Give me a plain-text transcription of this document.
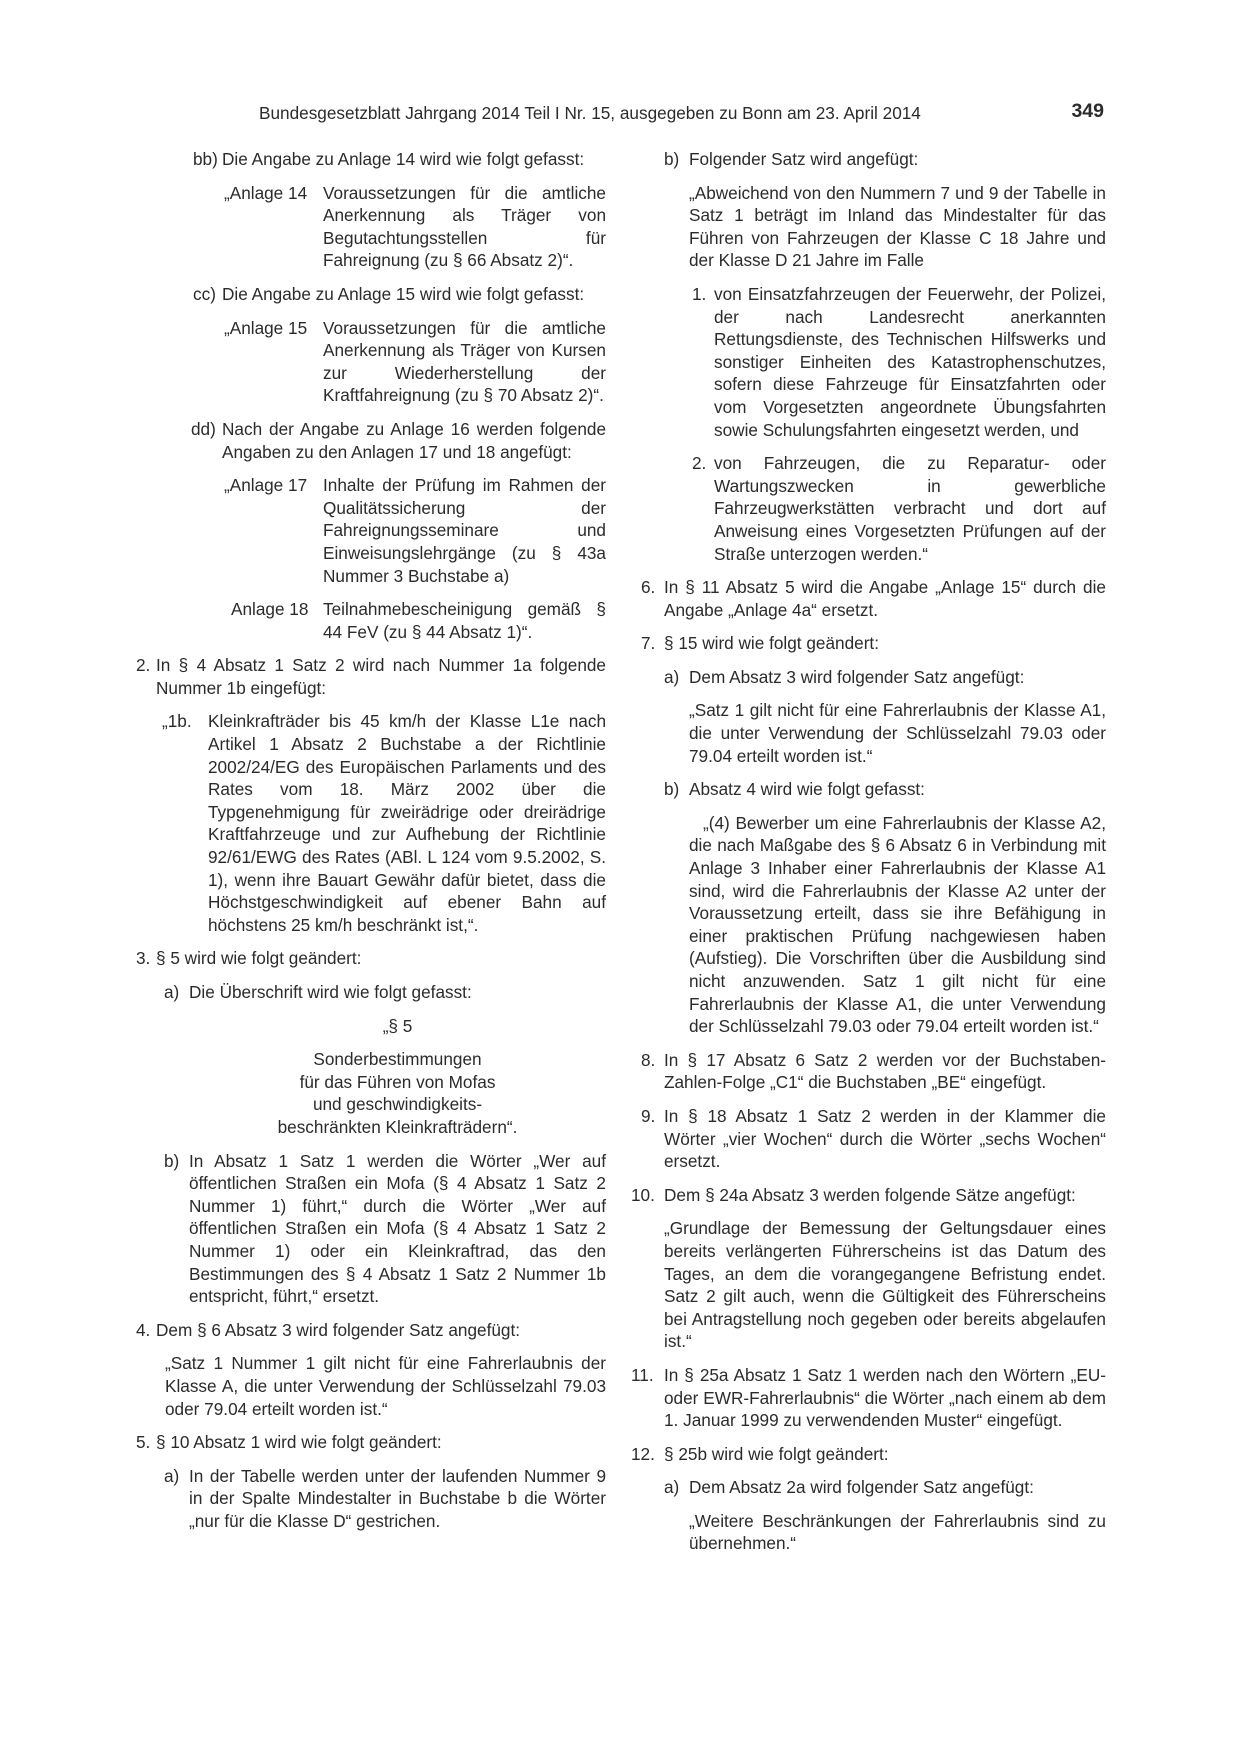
Bundesgesetzblatt Jahrgang 2014 Teil I Nr. 15, ausgegeben zu Bonn am 23. April 2014	349
bb) Die Angabe zu Anlage 14 wird wie folgt gefasst:

„Anlage 14 Voraussetzungen für die amtliche Anerkennung als Träger von Begutachtungsstellen für Fahreignung (zu § 66 Absatz 2)“.
cc) Die Angabe zu Anlage 15 wird wie folgt gefasst:

„Anlage 15 Voraussetzungen für die amtliche Anerkennung als Träger von Kursen zur Wiederherstellung der Kraftfahreignung (zu § 70 Absatz 2)“.
dd) Nach der Angabe zu Anlage 16 werden folgende Angaben zu den Anlagen 17 und 18 angefügt:

„Anlage 17 Inhalte der Prüfung im Rahmen der Qualitätssicherung der Fahreignungsseminare und Einweisungslehrgänge (zu § 43a Nummer 3 Buchstabe a)
Anlage 18 Teilnahmebescheinigung gemäß § 44 FeV (zu § 44 Absatz 1)“.
2. In § 4 Absatz 1 Satz 2 wird nach Nummer 1a folgende Nummer 1b eingefügt:

„1b. Kleinkrafträder bis 45 km/h der Klasse L1e nach Artikel 1 Absatz 2 Buchstabe a der Richtlinie 2002/24/EG des Europäischen Parlaments und des Rates vom 18. März 2002 über die Typgenehmigung für zweirädrige oder dreirädrige Kraftfahrzeuge und zur Aufhebung der Richtlinie 92/61/EWG des Rates (ABl. L 124 vom 9.5.2002, S. 1), wenn ihre Bauart Gewähr dafür bietet, dass die Höchstgeschwindigkeit auf ebener Bahn auf höchstens 25 km/h beschränkt ist,“.

3. § 5 wird wie folgt geändert:

a) Die Überschrift wird wie folgt gefasst:

„§ 5

Sonderbestimmungen

für das Führen von Mofas

und geschwindigkeits-

beschränkten Kleinkrafträdern“.

b) In Absatz 1 Satz 1 werden die Wörter „Wer auf öffentlichen Straßen ein Mofa (§ 4 Absatz 1 Satz 2 Nummer 1) führt,“ durch die Wörter „Wer auf öffentlichen Straßen ein Mofa (§ 4 Absatz 1 Satz 2 Nummer 1) oder ein Kleinkraftrad, das den Bestimmungen des § 4 Absatz 1 Satz 2 Nummer 1b entspricht, führt,“ ersetzt.

4. Dem § 6 Absatz 3 wird folgender Satz angefügt:

„Satz 1 Nummer 1 gilt nicht für eine Fahrerlaubnis der Klasse A, die unter Verwendung der Schlüsselzahl 79.03 oder 79.04 erteilt worden ist.“

5. § 10 Absatz 1 wird wie folgt geändert:

a) In der Tabelle werden unter der laufenden Nummer 9 in der Spalte Mindestalter in Buchstabe b die Wörter „nur für die Klasse D“ gestrichen.

b) Folgender Satz wird angefügt:

„Abweichend von den Nummern 7 und 9 der Tabelle in Satz 1 beträgt im Inland das Mindestalter für das Führen von Fahrzeugen der Klasse C 18 Jahre und der Klasse D 21 Jahre im Falle

1. von Einsatzfahrzeugen der Feuerwehr, der Polizei, der nach Landesrecht anerkannten Rettungsdienste, des Technischen Hilfswerks und sonstiger Einheiten des Katastrophenschutzes, sofern diese Fahrzeuge für Einsatzfahrten oder vom Vorgesetzten angeordnete Übungsfahrten sowie Schulungsfahrten eingesetzt werden, und

2. von Fahrzeugen, die zu Reparatur- oder Wartungszwecken in gewerbliche Fahrzeugwerkstätten verbracht und dort auf Anweisung eines Vorgesetzten Prüfungen auf der Straße unterzogen werden.“

6. In § 11 Absatz 5 wird die Angabe „Anlage 15“ durch die Angabe „Anlage 4a“ ersetzt.

7. § 15 wird wie folgt geändert:

a) Dem Absatz 3 wird folgender Satz angefügt:

„Satz 1 gilt nicht für eine Fahrerlaubnis der Klasse A1, die unter Verwendung der Schlüsselzahl 79.03 oder 79.04 erteilt worden ist.“

b) Absatz 4 wird wie folgt gefasst:

„(4) Bewerber um eine Fahrerlaubnis der Klasse A2, die nach Maßgabe des § 6 Absatz 6 in Verbindung mit Anlage 3 Inhaber einer Fahrerlaubnis der Klasse A1 sind, wird die Fahrerlaubnis der Klasse A2 unter der Voraussetzung erteilt, dass sie ihre Befähigung in einer praktischen Prüfung nachgewiesen haben (Aufstieg). Die Vorschriften über die Ausbildung sind nicht anzuwenden. Satz 1 gilt nicht für eine Fahrerlaubnis der Klasse A1, die unter Verwendung der Schlüsselzahl 79.03 oder 79.04 erteilt worden ist.“

8. In § 17 Absatz 6 Satz 2 werden vor der Buchstaben-Zahlen-Folge „C1“ die Buchstaben „BE“ eingefügt.

9. In § 18 Absatz 1 Satz 2 werden in der Klammer die Wörter „vier Wochen“ durch die Wörter „sechs Wochen“ ersetzt.

10. Dem § 24a Absatz 3 werden folgende Sätze angefügt:

„Grundlage der Bemessung der Geltungsdauer eines bereits verlängerten Führerscheins ist das Datum des Tages, an dem die vorangegangene Befristung endet. Satz 2 gilt auch, wenn die Gültigkeit des Führerscheins bei Antragstellung noch gegeben oder bereits abgelaufen ist.“

11. In § 25a Absatz 1 Satz 1 werden nach den Wörtern „EU- oder EWR-Fahrerlaubnis“ die Wörter „nach einem ab dem 1. Januar 1999 zu verwendenden Muster“ eingefügt.

12. § 25b wird wie folgt geändert:

a) Dem Absatz 2a wird folgender Satz angefügt:

„Weitere Beschränkungen der Fahrerlaubnis sind zu übernehmen.“
